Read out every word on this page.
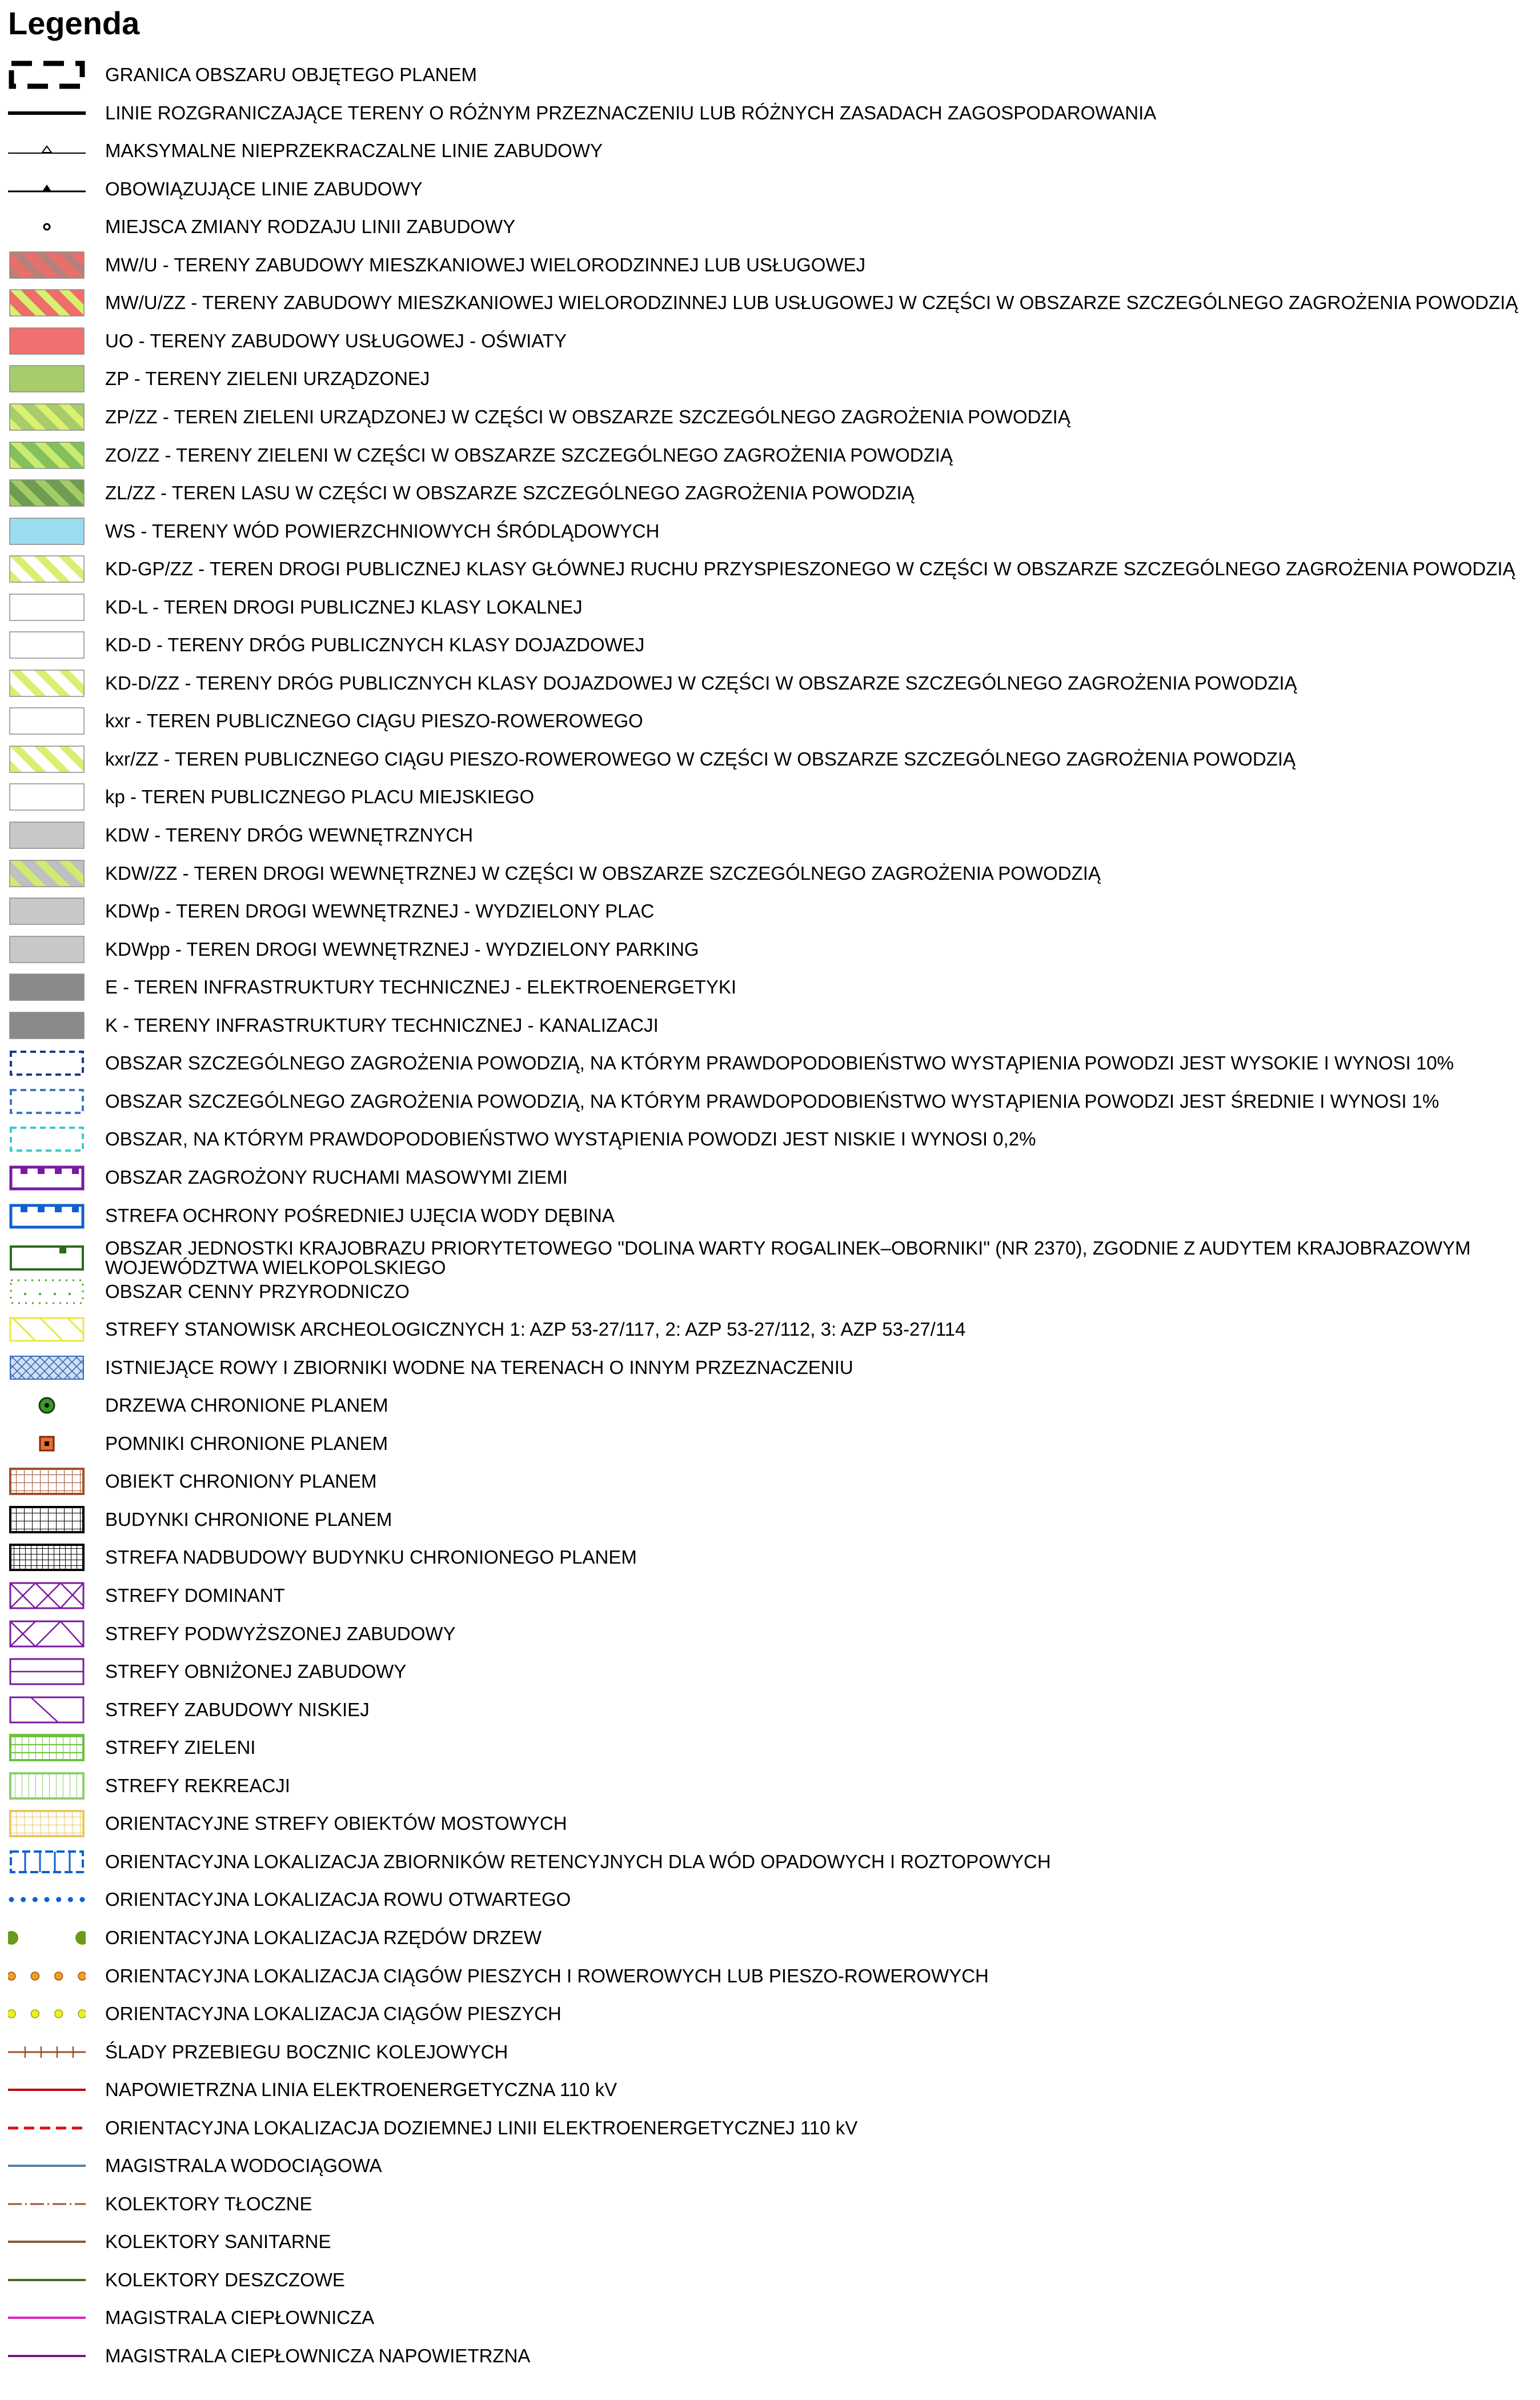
Legenda
GRANICA OBSZARU OBJĘTEGO PLANEM
LINIE ROZGRANICZAJĄCE TERENY O RÓŻNYM PRZEZNACZENIU LUB RÓŻNYCH ZASADACH ZAGOSPODAROWANIA
MAKSYMALNE NIEPRZEKRACZALNE LINIE ZABUDOWY
OBOWIĄZUJĄCE LINIE ZABUDOWY
MIEJSCA ZMIANY RODZAJU LINII ZABUDOWY
MW/U - TERENY ZABUDOWY MIESZKANIOWEJ WIELORODZINNEJ LUB USŁUGOWEJ
MW/U/ZZ - TERENY ZABUDOWY MIESZKANIOWEJ WIELORODZINNEJ LUB USŁUGOWEJ W CZĘŚCI W OBSZARZE SZCZEGÓLNEGO ZAGROŻENIA POWODZIĄ
UO - TERENY ZABUDOWY USŁUGOWEJ - OŚWIATY
ZP - TERENY ZIELENI URZĄDZONEJ
ZP/ZZ - TEREN ZIELENI URZĄDZONEJ W CZĘŚCI W OBSZARZE SZCZEGÓLNEGO ZAGROŻENIA POWODZIĄ
ZO/ZZ - TERENY ZIELENI W CZĘŚCI W OBSZARZE SZCZEGÓLNEGO ZAGROŻENIA POWODZIĄ
ZL/ZZ - TEREN LASU W CZĘŚCI W OBSZARZE SZCZEGÓLNEGO ZAGROŻENIA POWODZIĄ
WS - TERENY WÓD POWIERZCHNIOWYCH ŚRÓDLĄDOWYCH
KD-GP/ZZ - TEREN DROGI PUBLICZNEJ KLASY GŁÓWNEJ RUCHU PRZYSPIESZONEGO W CZĘŚCI W OBSZARZE SZCZEGÓLNEGO ZAGROŻENIA POWODZIĄ
KD-L - TEREN DROGI PUBLICZNEJ KLASY LOKALNEJ
KD-D - TERENY DRÓG PUBLICZNYCH KLASY DOJAZDOWEJ
KD-D/ZZ - TERENY DRÓG PUBLICZNYCH KLASY DOJAZDOWEJ W CZĘŚCI W OBSZARZE SZCZEGÓLNEGO ZAGROŻENIA POWODZIĄ
kxr - TEREN PUBLICZNEGO CIĄGU PIESZO-ROWEROWEGO
kxr/ZZ - TEREN PUBLICZNEGO CIĄGU PIESZO-ROWEROWEGO W CZĘŚCI W OBSZARZE SZCZEGÓLNEGO ZAGROŻENIA POWODZIĄ
kp - TEREN PUBLICZNEGO PLACU MIEJSKIEGO
KDW - TERENY DRÓG WEWNĘTRZNYCH
KDW/ZZ - TEREN DROGI WEWNĘTRZNEJ W CZĘŚCI W OBSZARZE SZCZEGÓLNEGO ZAGROŻENIA POWODZIĄ
KDWp - TEREN DROGI WEWNĘTRZNEJ - WYDZIELONY PLAC
KDWpp - TEREN DROGI WEWNĘTRZNEJ - WYDZIELONY PARKING
E - TEREN INFRASTRUKTURY TECHNICZNEJ - ELEKTROENERGETYKI
K - TERENY INFRASTRUKTURY TECHNICZNEJ - KANALIZACJI
OBSZAR SZCZEGÓLNEGO ZAGROŻENIA POWODZIĄ, NA KTÓRYM PRAWDOPODOBIEŃSTWO WYSTĄPIENIA POWODZI JEST WYSOKIE I WYNOSI 10%
OBSZAR SZCZEGÓLNEGO ZAGROŻENIA POWODZIĄ, NA KTÓRYM PRAWDOPODOBIEŃSTWO WYSTĄPIENIA POWODZI JEST ŚREDNIE I WYNOSI 1%
OBSZAR, NA KTÓRYM PRAWDOPODOBIEŃSTWO WYSTĄPIENIA POWODZI JEST NISKIE I WYNOSI 0,2%
OBSZAR ZAGROŻONY RUCHAMI MASOWYMI ZIEMI
STREFA OCHRONY POŚREDNIEJ UJĘCIA WODY DĘBINA
OBSZAR JEDNOSTKI KRAJOBRAZU PRIORYTETOWEGO "DOLINA WARTY ROGALINEK–OBORNIKI" (NR 2370), ZGODNIE Z AUDYTEM KRAJOBRAZOWYM WOJEWÓDZTWA WIELKOPOLSKIEGO
OBSZAR CENNY PRZYRODNICZO
STREFY STANOWISK ARCHEOLOGICZNYCH 1: AZP 53-27/117, 2: AZP 53-27/112, 3: AZP 53-27/114
ISTNIEJĄCE ROWY I ZBIORNIKI WODNE NA TERENACH O INNYM PRZEZNACZENIU
DRZEWA CHRONIONE PLANEM
POMNIKI CHRONIONE PLANEM
OBIEKT CHRONIONY PLANEM
BUDYNKI CHRONIONE PLANEM
STREFA NADBUDOWY BUDYNKU CHRONIONEGO PLANEM
STREFY DOMINANT
STREFY PODWYŻSZONEJ ZABUDOWY
STREFY OBNIŻONEJ ZABUDOWY
STREFY ZABUDOWY NISKIEJ
STREFY ZIELENI
STREFY REKREACJI
ORIENTACYJNE STREFY OBIEKTÓW MOSTOWYCH
ORIENTACYJNA LOKALIZACJA ZBIORNIKÓW RETENCYJNYCH DLA WÓD OPADOWYCH I ROZTOPOWYCH
ORIENTACYJNA LOKALIZACJA ROWU OTWARTEGO
ORIENTACYJNA LOKALIZACJA RZĘDÓW DRZEW
ORIENTACYJNA LOKALIZACJA CIĄGÓW PIESZYCH I ROWEROWYCH LUB PIESZO-ROWEROWYCH
ORIENTACYJNA LOKALIZACJA CIĄGÓW PIESZYCH
ŚLADY PRZEBIEGU BOCZNIC KOLEJOWYCH
NAPOWIETRZNA LINIA ELEKTROENERGETYCZNA 110 kV
ORIENTACYJNA LOKALIZACJA DOZIEMNEJ LINII ELEKTROENERGETYCZNEJ 110 kV
MAGISTRALA WODOCIĄGOWA
KOLEKTORY TŁOCZNE
KOLEKTORY SANITARNE
KOLEKTORY DESZCZOWE
MAGISTRALA CIEPŁOWNICZA
MAGISTRALA CIEPŁOWNICZA NAPOWIETRZNA
